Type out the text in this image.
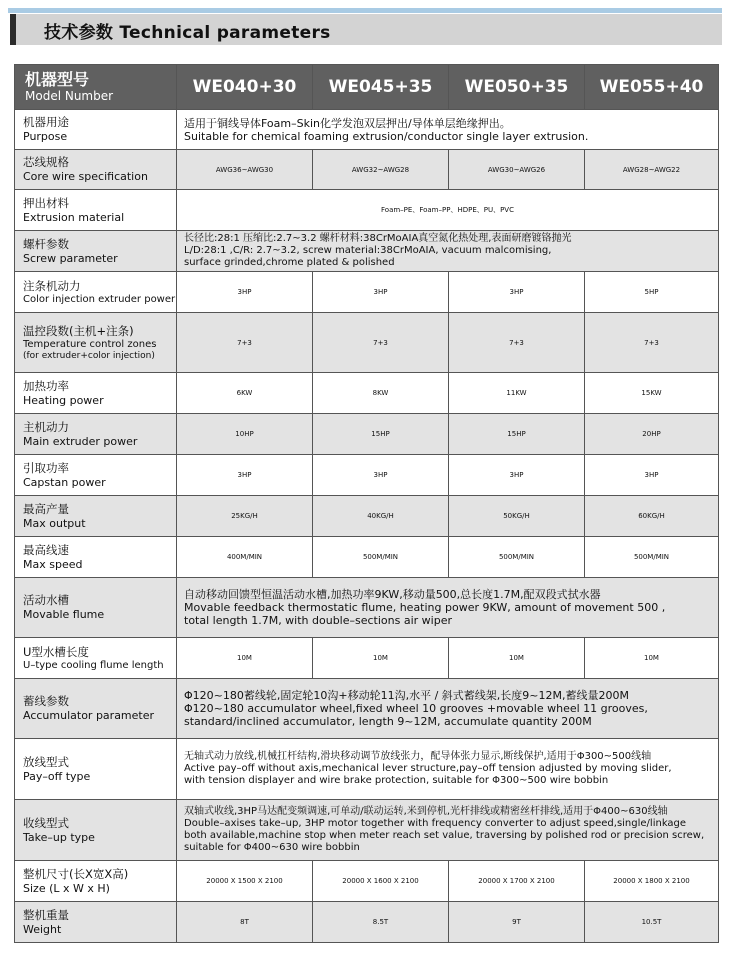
技术参数 Technical parameters
机器型号
Model Number	WE040+30	WE045+35	WE050+35	WE055+40

机器用途
Purpose	适用于铜线导体Foam–Skin化学发泡双层押出/导体单层绝缘押出。
Suitable for chemical foaming extrusion/conductor single layer extrusion.			

芯线规格
Core wire specification	AWG36~AWG30	AWG32~AWG28	AWG30~AWG26	AWG28~AWG22

押出材料
Extrusion material	Foam–PE、Foam–PP、HDPE、PU、PVC			

螺杆参数
Screw parameter	长径比:28:1 压缩比:2.7~3.2 螺杆材料:38CrMoAIA真空氮化热处理,表面研磨镀铬抛光
L/D:28:1 ,C/R: 2.7~3.2, screw material:38CrMoAIA, vacuum malcomising,
surface grinded,chrome plated & polished			

注条机动力
Color injection extruder power	3HP	3HP	3HP	5HP

温控段数(主机+注条)
Temperature control zones
(for extruder+color injection)	7+3	7+3	7+3	7+3

加热功率
Heating power	6KW	8KW	11KW	15KW

主机动力
Main extruder power	10HP	15HP	15HP	20HP

引取功率
Capstan power	3HP	3HP	3HP	3HP

最高产量
Max output	25KG/H	40KG/H	50KG/H	60KG/H

最高线速
Max speed	400M/MIN	500M/MIN	500M/MIN	500M/MIN

活动水槽
Movable flume	自动移动回馈型恒温活动水槽,加热功率9KW,移动量500,总长度1.7M,配双段式拭水器
Movable feedback thermostatic flume, heating power 9KW, amount of movement 500 ,
total length 1.7M, with double–sections air wiper			

U型水槽长度
U–type cooling flume length	10M	10M	10M	10M

蓄线参数
Accumulator parameter	Φ120~180蓄线轮,固定轮10沟+移动轮11沟,水平 / 斜式蓄线架,长度9~12M,蓄线量200M
Φ120~180 accumulator wheel,fixed wheel 10 grooves +movable wheel 11 grooves,
standard/inclined accumulator, length 9~12M, accumulate quantity 200M			

放线型式
Pay–off type	无轴式动力放线,机械扛杆结构,滑块移动调节放线张力，配导体张力显示,断线保护,适用于Φ300~500线轴
Active pay–off without axis,mechanical lever structure,pay–off tension adjusted by moving slider,
with tension displayer and wire brake protection, suitable for Φ300~500 wire bobbin			

收线型式
Take–up type	双轴式收线,3HP马达配变频调速,可单动/联动运转,米到停机,光杆排线或精密丝杆排线,适用于Φ400~630线轴
Double–axises take–up, 3HP motor together with frequency converter to adjust speed,single/linkage
both available,machine stop when meter reach set value, traversing by polished rod or precision screw,
suitable for Φ400~630 wire bobbin			

整机尺寸(长X宽X高)
Size (L x W x H)	20000 X 1500 X 2100	20000 X 1600 X 2100	20000 X 1700 X 2100	20000 X 1800 X 2100

整机重量
Weight	8T	8.5T	9T	10.5T
